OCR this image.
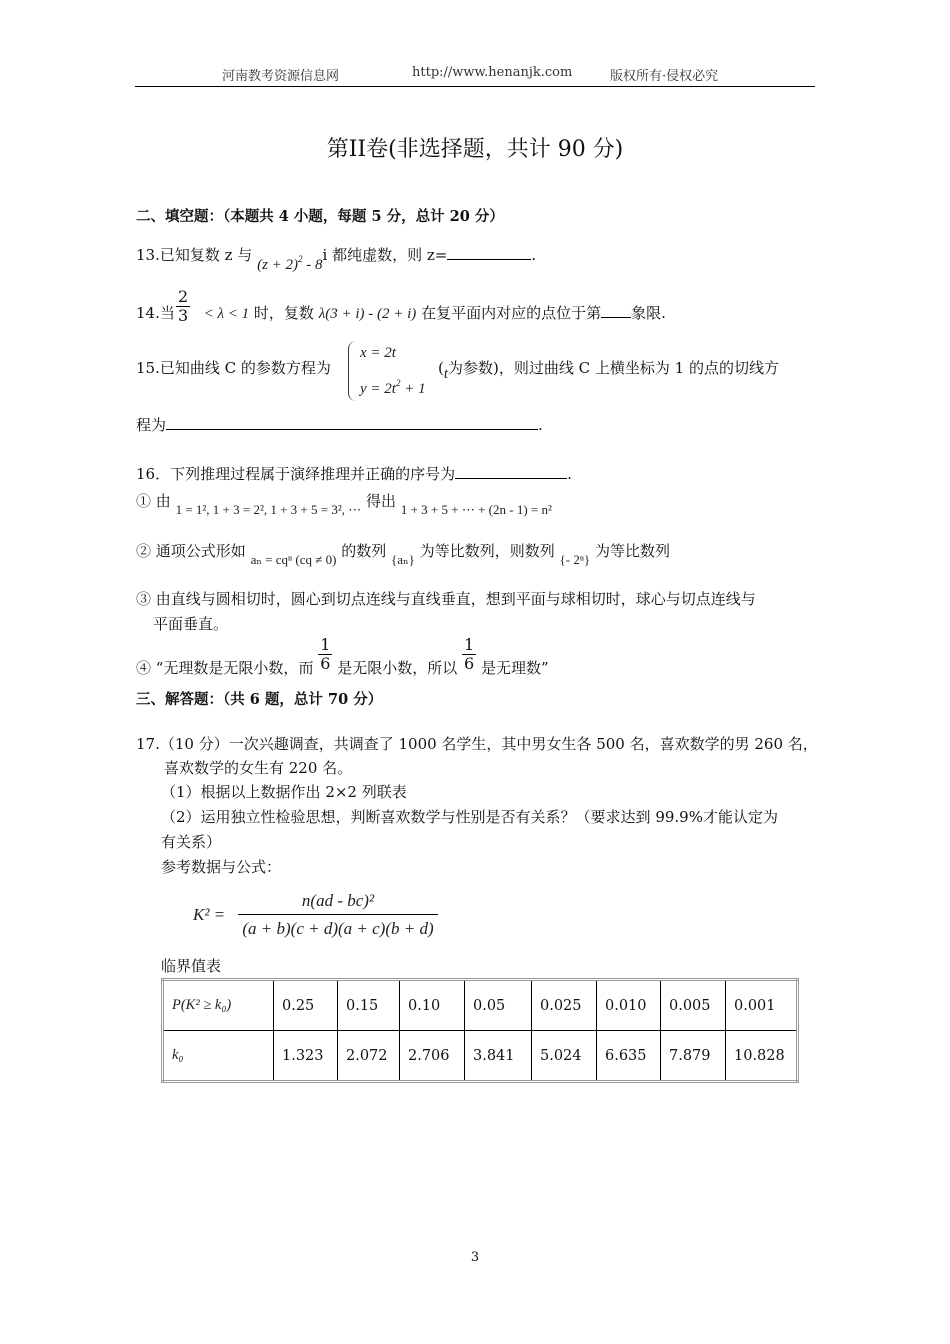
河南教考资源信息网	http://www.henanjk.com	版权所有·侵权必究
第II卷(非选择题，共计 90 分)
二、填空题：（本题共 4 小题，每题 5 分，总计 20 分）
13.已知复数 z 与 $(z + 2)^2 - 8i$ 都纯虚数，则 z=	.
14.当 $\frac{2}{3} < \lambda < 1$ 时，复数 λ(3 + i) - (2 + i) 在复平面内对应的点位于第 象限.
15.已知曲线 C 的参数方程为
x = 2t
$y = 2t^2 + 1$
(t为参数)，则过曲线 C 上横坐标为 1 的点的切线方
程为	.
16．下列推理过程属于演绎推理并正确的序号为	.
① 由 1 = 1², 1 + 3 = 2², 1 + 3 + 5 = 3², ⋯ 得出 1 + 3 + 5 + ⋯ + (2n - 1) = n²
② 通项公式形如 aₙ = cqⁿ (cq ≠ 0) 的数列 {aₙ} 为等比数列，则数列 {- 2ⁿ} 为等比数列
③ 由直线与圆相切时，圆心到切点连线与直线垂直，想到平面与球相切时，球心与切点连线与
平面垂直。
④ “无理数是无限小数，而 $\frac{1}{6}$ 是无限小数，所以 $\frac{1}{6}$ 是无理数”
三、解答题：（共 6 题，总计 70 分）
17.（10 分）一次兴趣调查，共调查了 1000 名学生，其中男女生各 500 名，喜欢数学的男 260 名，
喜欢数学的女生有 220 名。
（1）根据以上数据作出 2×2 列联表
（2）运用独立性检验思想，判断喜欢数学与性别是否有关系？（要求达到 99.9%才能认定为
有关系）
参考数据与公式：
K² =
n(ad - bc)²
(a + b)(c + d)(a + c)(b + d)
临界值表
P(K² ≥ k₀)	0.25	0.15	0.10	0.05	0.025	0.010	0.005	0.001
k₀	1.323	2.072	2.706	3.841	5.024	6.635	7.879	10.828
3
